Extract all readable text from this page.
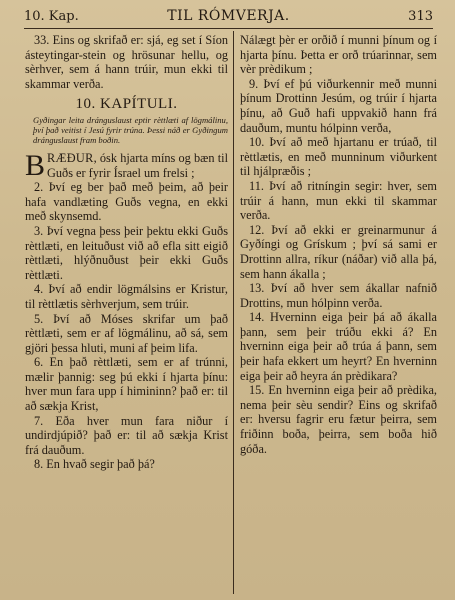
10. Kap.	TIL RÓMVERJA.	313

33. Eins og skrifað er: sjá, eg set í Síon ásteytingar-stein og hrösunar hellu, og sèrhver, sem á hann trúir, mun ekki til skammar verða.

10. KAPÍTULI.
Gyðingar leita dránguslaust eptir rèttlæti af lögmálinu, því það veitist í Jesú fyrir trúna. Þessi náð er Gyðingum dránguslaust fram boðin.

BRÆÐUR, ósk hjarta míns og bæn til Guðs er fyrir Ísrael um frelsi ;

2. Því eg ber það með þeim, að þeir hafa vandlæting Guðs vegna, en ekki með skynsemd.

3. Því vegna þess þeir þektu ekki Guðs rèttlæti, en leituðust við að efla sitt eigið rèttlæti, hlýðnuðust þeir ekki Guðs rèttlæti.

4. Því að endir lögmálsins er Kristur, til rèttlætis sèrhverjum, sem trúir.

5. Því að Móses skrifar um það rèttlæti, sem er af lögmálinu, að sá, sem gjöri þessa hluti, muni af þeim lifa.

6. En það rèttlæti, sem er af trúnni, mælir þannig: seg þú ekki í hjarta þínu: hver mun fara upp í himininn? það er: til að sækja Krist,

7. Eða hver mun fara niður í undirdjúpið? það er: til að sækja Krist frá dauðum.

8. En hvað segir það þá?

Nálægt þèr er orðið í munni þínum og í hjarta þínu. Þetta er orð trúarinnar, sem vèr prèdikum ;

9. Því ef þú viðurkennir með munni þínum Drottinn Jesúm, og trúir í hjarta þínu, að Guð hafi uppvakið hann frá dauðum, muntu hólpinn verða,

10. Því að með hjartanu er trúað, til rèttlætis, en með munninum viðurkent til hjálpræðis ;

11. Því að ritníngin segir: hver, sem trúir á hann, mun ekki til skammar verða.

12. Því að ekki er greinarmunur á Gyðíngi og Grískum ; því sá sami er Drottinn allra, ríkur (náðar) við alla þá, sem hann ákalla ;

13. Því að hver sem ákallar nafnið Drottins, mun hólpinn verða.

14. Hverninn eiga þeir þá að ákalla þann, sem þeir trúðu ekki á? En hverninn eiga þeir að trúa á þann, sem þeir hafa ekkert um heyrt? En hverninn eiga þeir að heyra án prèdikara?

15. En hverninn eiga þeir að prèdika, nema þeir sèu sendir? Eins og skrifað er: hversu fagrir eru fætur þeirra, sem friðinn boða, þeirra, sem boða hið góða.
